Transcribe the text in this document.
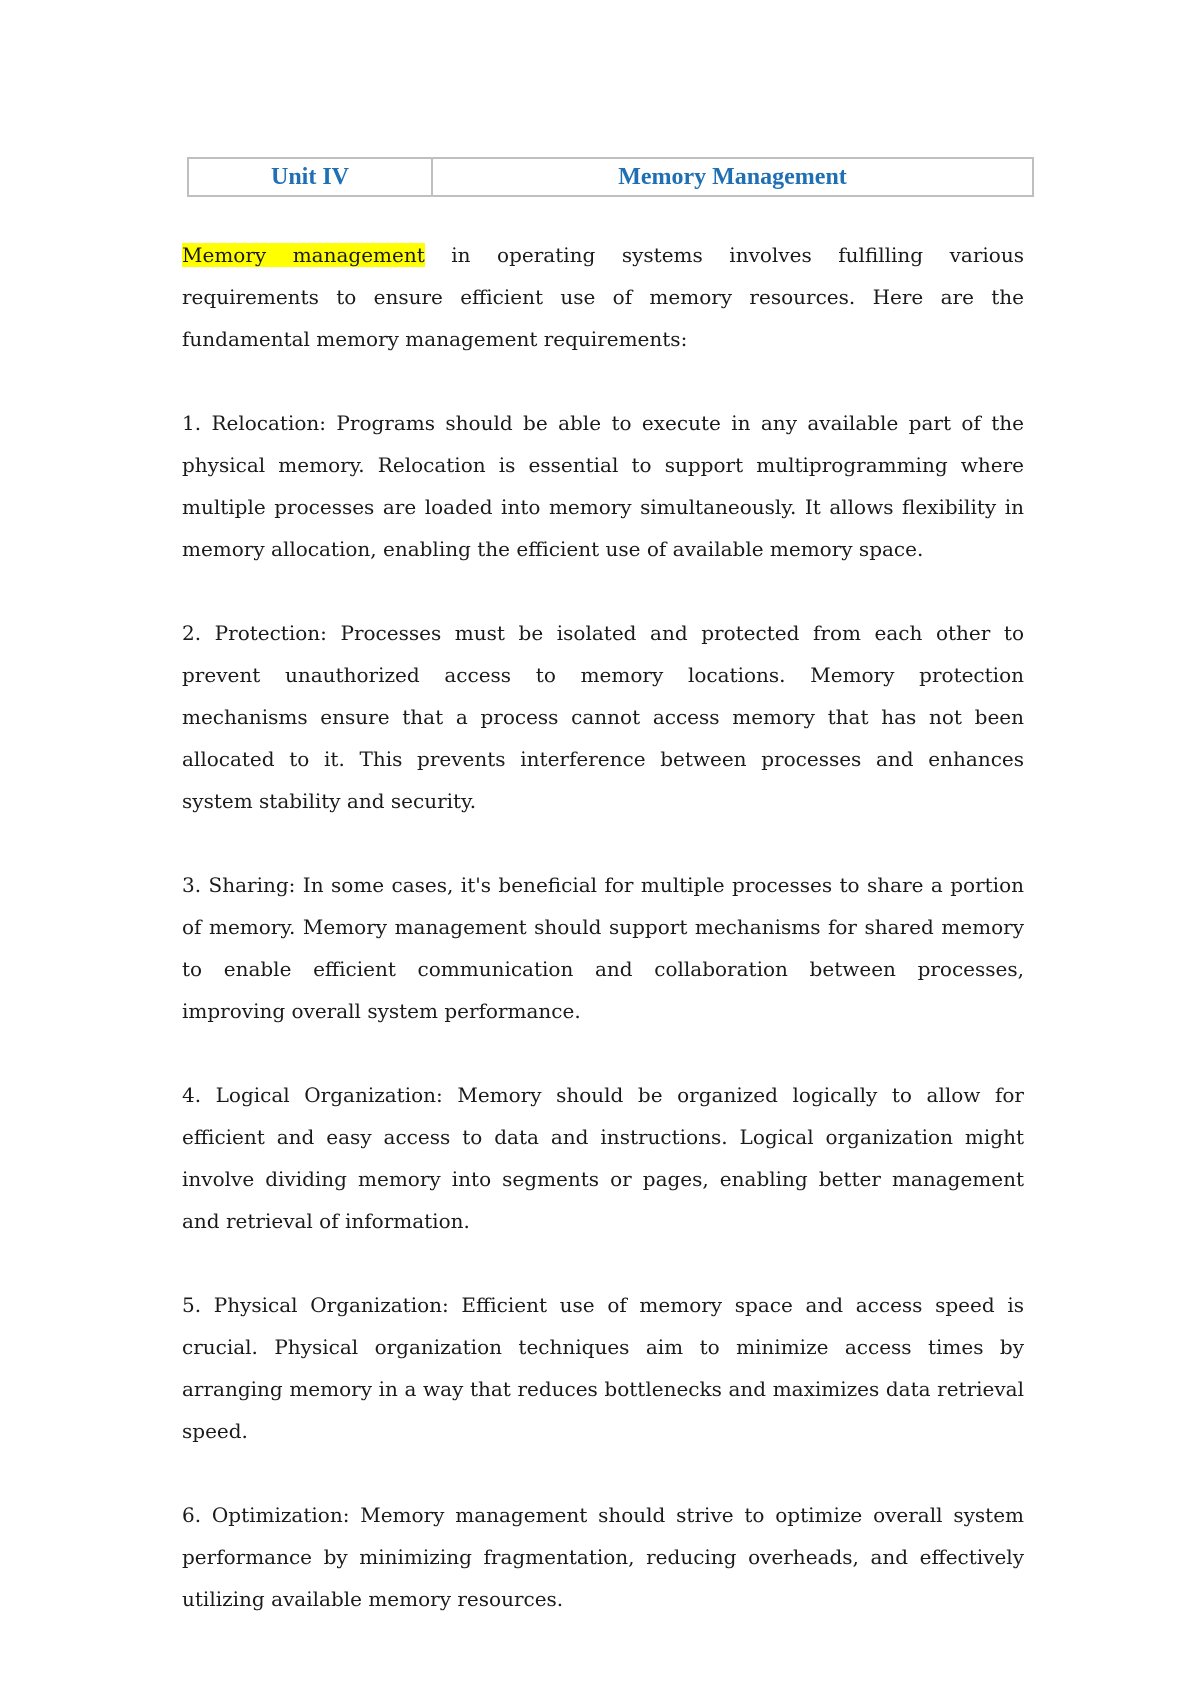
Unit IV	Memory Management

Memory management in operating systems involves fulfilling various requirements to ensure efficient use of memory resources. Here are the fundamental memory management requirements:

1. Relocation: Programs should be able to execute in any available part of the physical memory. Relocation is essential to support multiprogramming where multiple processes are loaded into memory simultaneously. It allows flexibility in memory allocation, enabling the efficient use of available memory space.

2. Protection: Processes must be isolated and protected from each other to prevent unauthorized access to memory locations. Memory protection mechanisms ensure that a process cannot access memory that has not been allocated to it. This prevents interference between processes and enhances system stability and security.

3. Sharing: In some cases, it's beneficial for multiple processes to share a portion of memory. Memory management should support mechanisms for shared memory to enable efficient communication and collaboration between processes, improving overall system performance.

4. Logical Organization: Memory should be organized logically to allow for efficient and easy access to data and instructions. Logical organization might involve dividing memory into segments or pages, enabling better management and retrieval of information.

5. Physical Organization: Efficient use of memory space and access speed is crucial. Physical organization techniques aim to minimize access times by arranging memory in a way that reduces bottlenecks and maximizes data retrieval speed.

6. Optimization: Memory management should strive to optimize overall system performance by minimizing fragmentation, reducing overheads, and effectively utilizing available memory resources.
